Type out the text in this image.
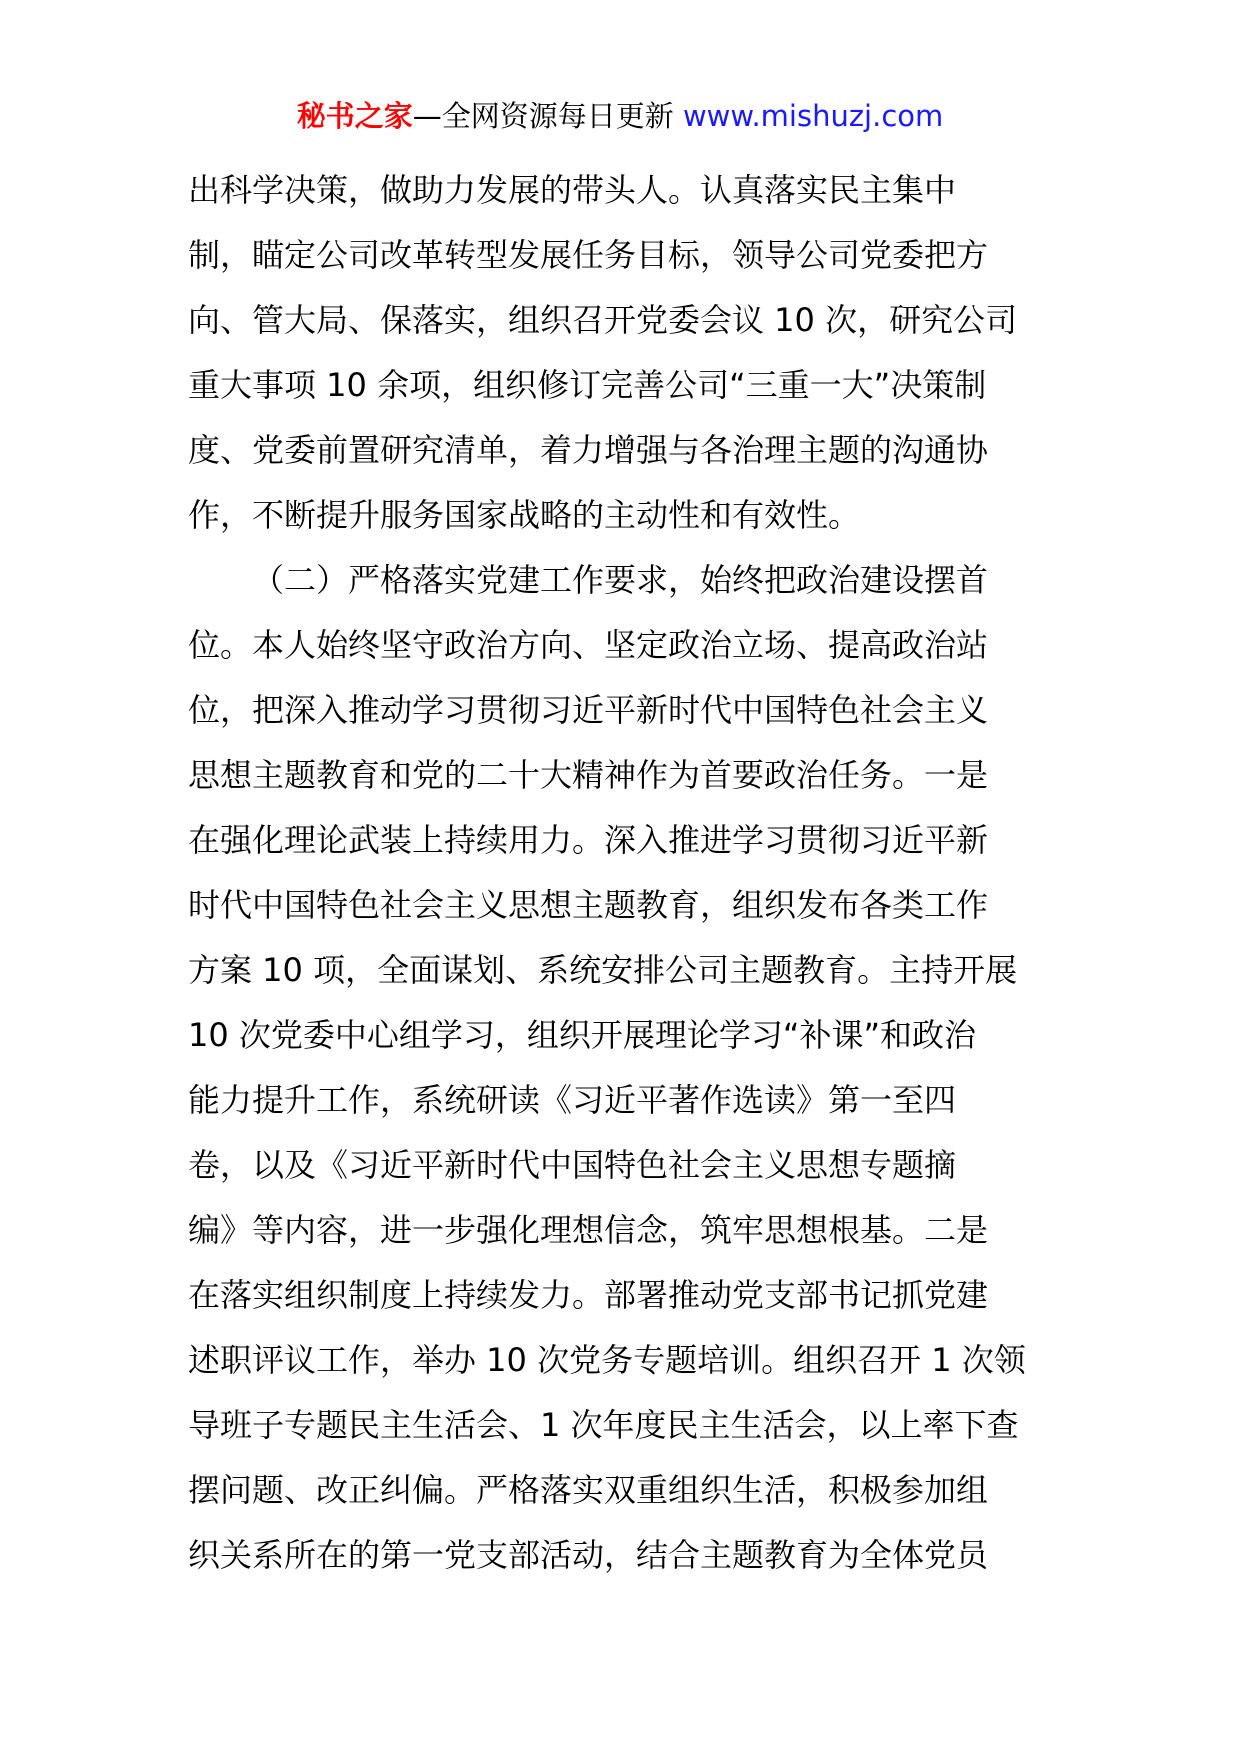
秘书之家—全网资源每日更新 www.mishuzj.com
出科学决策，做助力发展的带头人。认真落实民主集中
制，瞄定公司改革转型发展任务目标，领导公司党委把方
向、管大局、保落实，组织召开党委会议 10 次，研究公司
重大事项 10 余项，组织修订完善公司“三重一大”决策制
度、党委前置研究清单，着力增强与各治理主题的沟通协
作，不断提升服务国家战略的主动性和有效性。
（二）严格落实党建工作要求，始终把政治建设摆首
位。本人始终坚守政治方向、坚定政治立场、提高政治站
位，把深入推动学习贯彻习近平新时代中国特色社会主义
思想主题教育和党的二十大精神作为首要政治任务。一是
在强化理论武装上持续用力。深入推进学习贯彻习近平新
时代中国特色社会主义思想主题教育，组织发布各类工作
方案 10 项，全面谋划、系统安排公司主题教育。主持开展
10 次党委中心组学习，组织开展理论学习“补课”和政治
能力提升工作，系统研读《习近平著作选读》第一至四
卷，以及《习近平新时代中国特色社会主义思想专题摘
编》等内容，进一步强化理想信念，筑牢思想根基。二是
在落实组织制度上持续发力。部署推动党支部书记抓党建
述职评议工作，举办 10 次党务专题培训。组织召开 1 次领
导班子专题民主生活会、1 次年度民主生活会，以上率下查
摆问题、改正纠偏。严格落实双重组织生活，积极参加组
织关系所在的第一党支部活动，结合主题教育为全体党员
